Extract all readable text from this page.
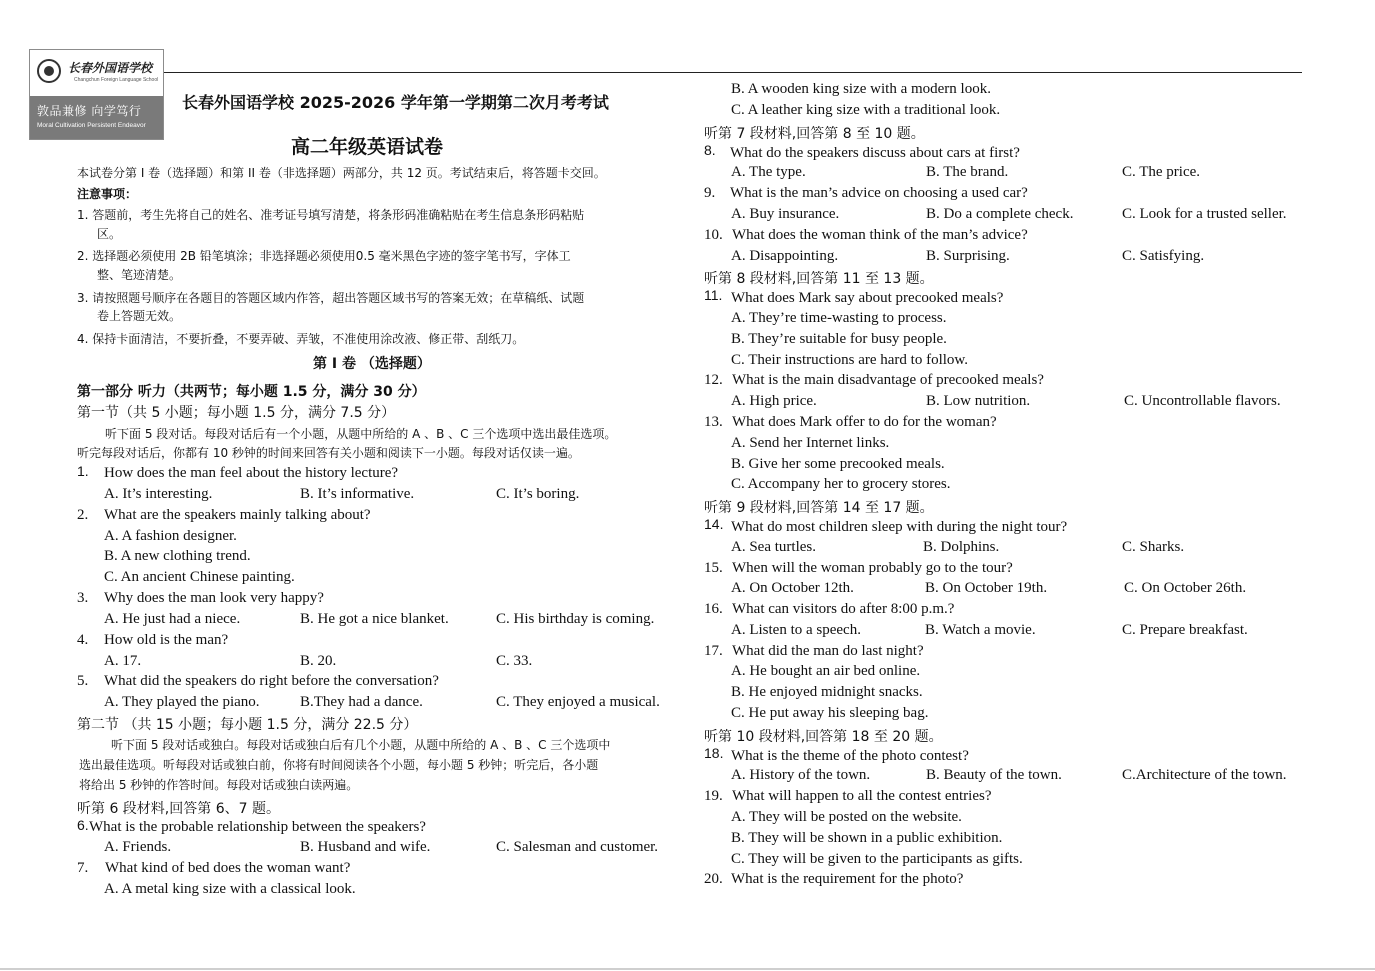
长春外国语学校
Changchun Foreign Language School
敦品兼修 向学笃行
Moral Cultivation Persistent Endeavor
长春外国语学校 2025-2026 学年第一学期第二次月考考试
高二年级英语试卷
本试卷分第 I 卷（选择题）和第 II 卷（非选择题）两部分，共 12 页。考试结束后，将答题卡交回。
注意事项：
1. 答题前，考生先将自己的姓名、准考证号填写清楚，将条形码准确粘贴在考生信息条形码粘贴
区。
2. 选择题必须使用 2B 铅笔填涂；非选择题必须使用0.5 毫米黑色字迹的签字笔书写，字体工
整、笔迹清楚。
3. 请按照题号顺序在各题目的答题区域内作答，超出答题区域书写的答案无效；在草稿纸、试题
卷上答题无效。
4. 保持卡面清洁，不要折叠，不要弄破、弄皱，不准使用涂改液、修正带、刮纸刀。
第 I 卷 （选择题）
第一部分 听力（共两节；每小题 1.5 分，满分 30 分）
第一节（共 5 小题；每小题 1.5 分，满分 7.5 分）
听下面 5 段对话。每段对话后有一个小题，从题中所给的 A 、B 、C 三个选项中选出最佳选项。
听完每段对话后，你都有 10 秒钟的时间来回答有关小题和阅读下一小题。每段对话仅读一遍。
1. How does the man feel about the history lecture?
A. It’s interesting.	B. It’s informative.	C. It’s boring.
2. What are the speakers mainly talking about?
A. A fashion designer.
B. A new clothing trend.
C. An ancient Chinese painting.
3. Why does the man look very happy?
A. He just had a niece.	B. He got a nice blanket.	C. His birthday is coming.
4. How old is the man?
A. 17.	B. 20.	C. 33.
5. What did the speakers do right before the conversation?
A. They played the piano.	B.They had a dance.	C. They enjoyed a musical.
第二节 （共 15 小题；每小题 1.5 分，满分 22.5 分）
听下面 5 段对话或独白。每段对话或独白后有几个小题，从题中所给的 A 、B 、C 三个选项中
选出最佳选项。听每段对话或独白前，你将有时间阅读各个小题，每小题 5 秒钟；听完后，各小题
将给出 5 秒钟的作答时间。每段对话或独白读两遍。
听第 6 段材料,回答第 6、7 题。
6. What is the probable relationship between the speakers?
A. Friends.	B. Husband and wife.	C. Salesman and customer.
7. What kind of bed does the woman want?
A. A metal king size with a classical look.
B. A wooden king size with a modern look.
C. A leather king size with a traditional look.
听第 7 段材料,回答第 8 至 10 题。
8. What do the speakers discuss about cars at first?
A. The type.	B. The brand.	C. The price.
9. What is the man’s advice on choosing a used car?
A. Buy insurance.	B. Do a complete check.	C. Look for a trusted seller.
10. What does the woman think of the man’s advice?
A. Disappointing.	B. Surprising.	C. Satisfying.
听第 8 段材料,回答第 11 至 13 题。
11. What does Mark say about precooked meals?
A. They’re time-wasting to process.
B. They’re suitable for busy people.
C. Their instructions are hard to follow.
12. What is the main disadvantage of precooked meals?
A. High price.	B. Low nutrition.	C. Uncontrollable flavors.
13. What does Mark offer to do for the woman?
A. Send her Internet links.
B. Give her some precooked meals.
C. Accompany her to grocery stores.
听第 9 段材料,回答第 14 至 17 题。
14. What do most children sleep with during the night tour?
A. Sea turtles.	B. Dolphins.	C. Sharks.
15. When will the woman probably go to the tour?
A. On October 12th.	B. On October 19th.	C. On October 26th.
16. What can visitors do after 8:00 p.m.?
A. Listen to a speech.	B. Watch a movie.	C. Prepare breakfast.
17. What did the man do last night?
A. He bought an air bed online.
B. He enjoyed midnight snacks.
C. He put away his sleeping bag.
听第 10 段材料,回答第 18 至 20 题。
18. What is the theme of the photo contest?
A. History of the town.	B. Beauty of the town.	C.Architecture of the town.
19. What will happen to all the contest entries?
A. They will be posted on the website.
B. They will be shown in a public exhibition.
C. They will be given to the participants as gifts.
20. What is the requirement for the photo?
